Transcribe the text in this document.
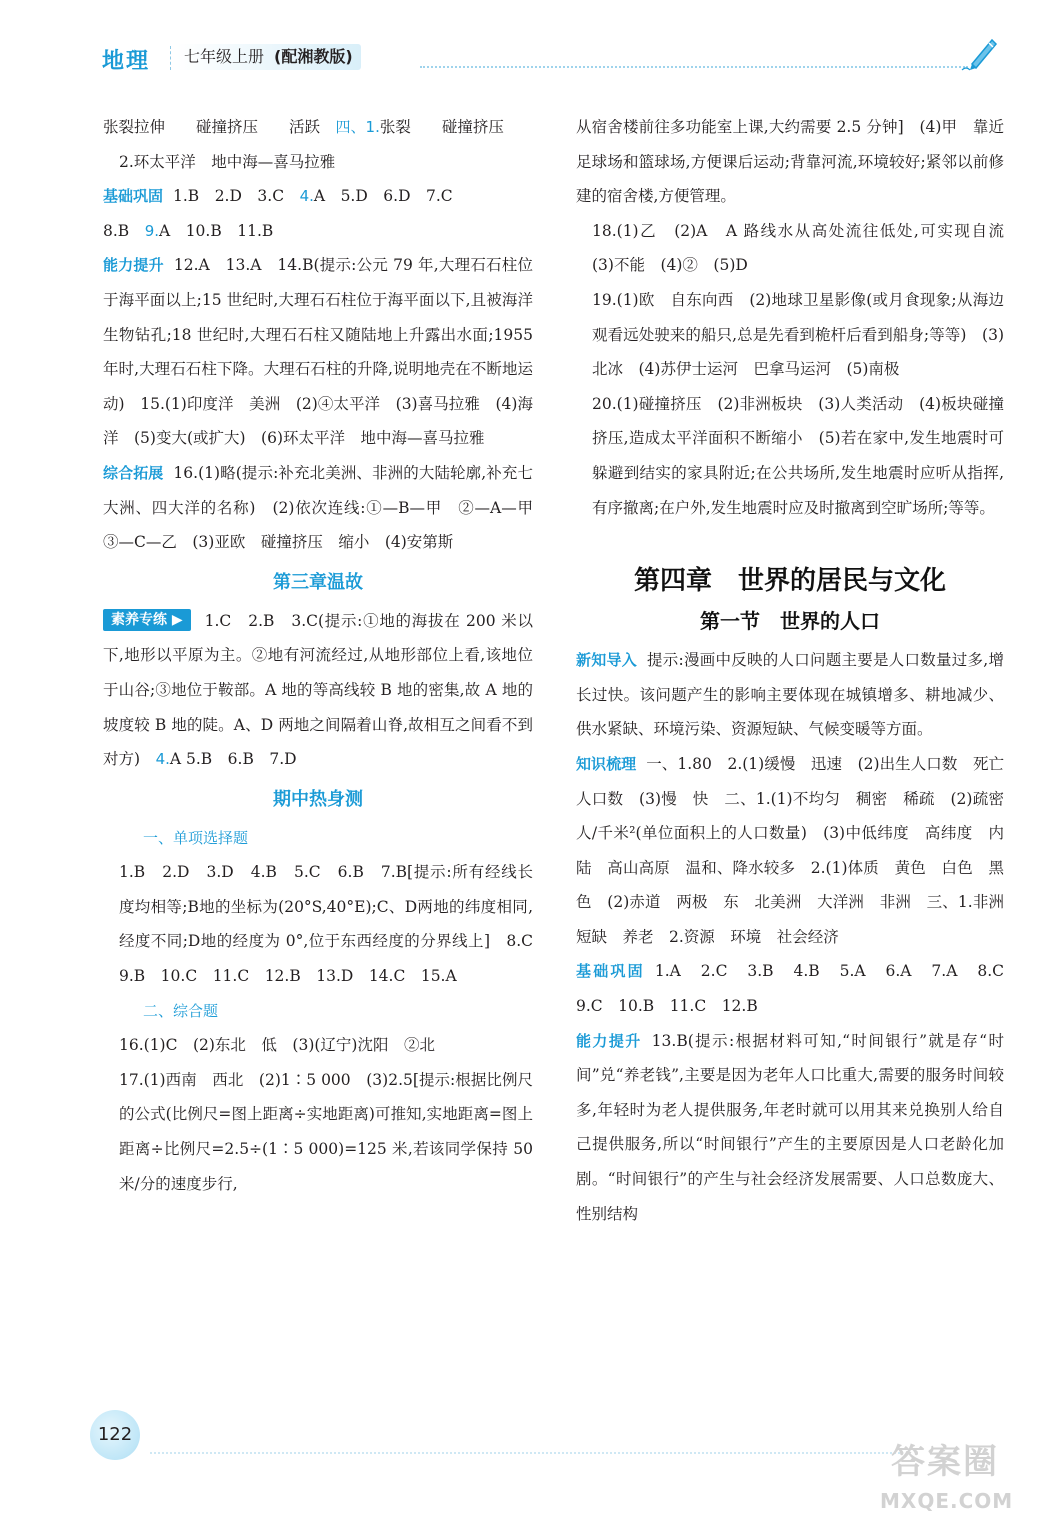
地理	七年级上册 (配湘教版)

张裂拉伸　　碰撞挤压　　活跃　 四、1.张裂　　碰撞挤压

2.环太平洋　地中海—喜马拉雅

基础巩固 1.B　2.D　3.C　4.A　5.D　6.D　7.C
8.B　9.A　10.B　11.B

能力提升 12.A　13.A　14.B(提示:公元 79 年,大理石石柱位于海平面以上;15 世纪时,大理石石柱位于海平面以下,且被海洋生物钻孔;18 世纪时,大理石石柱又随陆地上升露出水面;1955 年时,大理石石柱下降。大理石石柱的升降,说明地壳在不断地运动)　15.(1)印度洋　美洲　(2)④太平洋　(3)喜马拉雅　(4)海洋　(5)变大(或扩大)　(6)环太平洋　地中海—喜马拉雅

综合拓展 16.(1)略(提示:补充北美洲、非洲的大陆轮廓,补充七大洲、四大洋的名称)　(2)依次连线:①—B—甲　②—A—甲　③—C—乙　(3)亚欧　碰撞挤压　缩小　(4)安第斯

第三章温故

素养专练 ▶ 1.C　2.B　3.C(提示:①地的海拔在 200 米以下,地形以平原为主。②地有河流经过,从地形部位上看,该地位于山谷;③地位于鞍部。A 地的等高线较 B 地的密集,故 A 地的坡度较 B 地的陡。A、D 两地之间隔着山脊,故相互之间看不到对方)　4.A 5.B　6.B　7.D

期中热身测
一、单项选择题

1.B　2.D　3.D　4.B　5.C　6.B　7.B[提示:所有经线长度均相等;B地的坐标为(20°S,40°E);C、D两地的纬度相同,经度不同;D地的经度为 0°,位于东西经度的分界线上]　8.C　9.B　10.C　11.C　12.B　13.D　14.C　15.A

二、综合题

16.(1)C　(2)东北　低　(3)(辽宁)沈阳　②北

17.(1)西南　西北　(2)1∶5 000　(3)2.5[提示:根据比例尺的公式(比例尺=图上距离÷实地距离)可推知,实地距离=图上距离÷比例尺=2.5÷(1∶5 000)=125 米,若该同学保持 50 米/分的速度步行,

从宿舍楼前往多功能室上课,大约需要 2.5 分钟]　(4)甲　靠近足球场和篮球场,方便课后运动;背靠河流,环境较好;紧邻以前修建的宿舍楼,方便管理。

18.(1)乙　(2)A　A 路线水从高处流往低处,可实现自流　(3)不能　(4)②　(5)D

19.(1)欧　自东向西　(2)地球卫星影像(或月食现象;从海边观看远处驶来的船只,总是先看到桅杆后看到船身;等等)　(3)北冰　(4)苏伊士运河　巴拿马运河　(5)南极

20.(1)碰撞挤压　(2)非洲板块　(3)人类活动　(4)板块碰撞挤压,造成太平洋面积不断缩小　(5)若在家中,发生地震时可躲避到结实的家具附近;在公共场所,发生地震时应听从指挥,有序撤离;在户外,发生地震时应及时撤离到空旷场所;等等。

第四章　世界的居民与文化
第一节　世界的人口

新知导入 提示:漫画中反映的人口问题主要是人口数量过多,增长过快。该问题产生的影响主要体现在城镇增多、耕地减少、供水紧缺、环境污染、资源短缺、气候变暖等方面。

知识梳理 一、1.80　2.(1)缓慢　迅速　(2)出生人口数　死亡人口数　(3)慢　快　二、1.(1)不均匀　稠密　稀疏　(2)疏密　人/千米²(单位面积上的人口数量)　(3)中低纬度　高纬度　内陆　高山高原　温和、降水较多　2.(1)体质　黄色　白色　黑色　(2)赤道　两极　东　北美洲　大洋洲　非洲　三、1.非洲　短缺　养老　2.资源　环境　社会经济

基础巩固 1.A　2.C　3.B　4.B　5.A　6.A　7.A　8.C　9.C　10.B　11.C　12.B

能力提升 13.B(提示:根据材料可知,“时间银行”就是存“时间”兑“养老钱”,主要是因为老年人口比重大,需要的服务时间较多,年轻时为老人提供服务,年老时就可以用其来兑换别人给自己提供服务,所以“时间银行”产生的主要原因是人口老龄化加剧。“时间银行”的产生与社会经济发展需要、人口总数庞大、性别结构

122
答案圈
MXQE.COM
